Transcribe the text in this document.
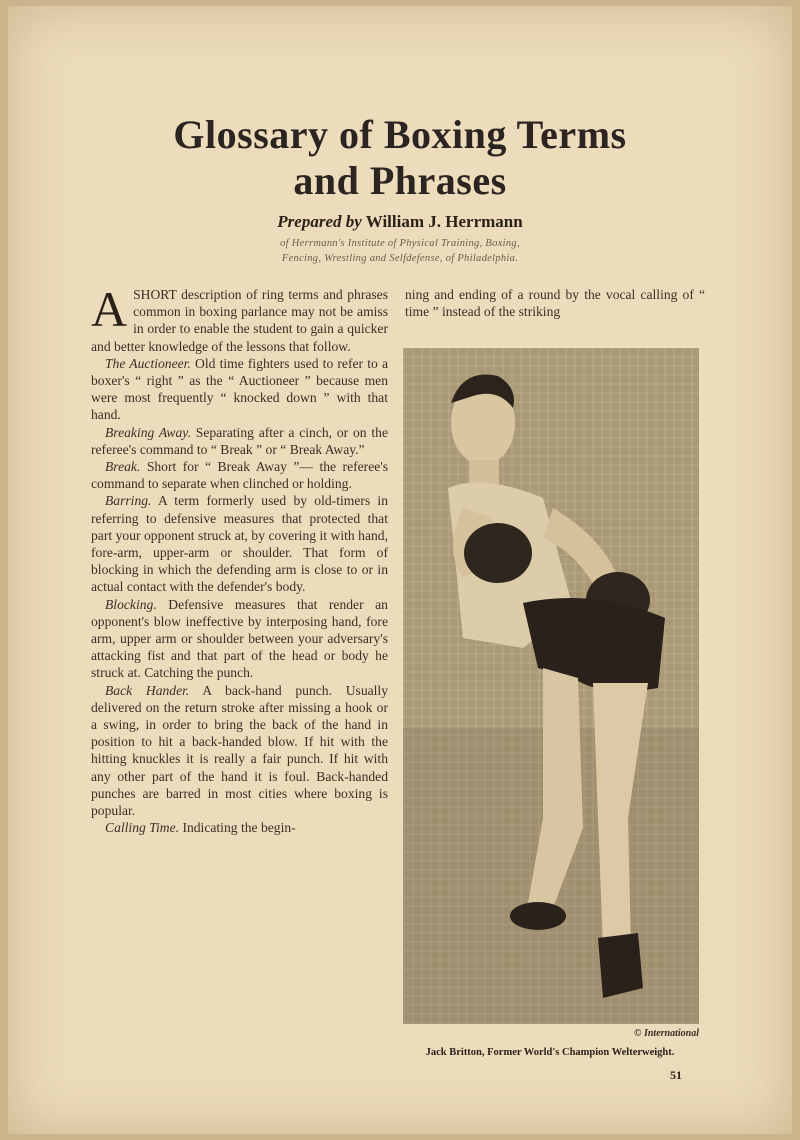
Glossary of Boxing Terms
and Phrases
Prepared by William J. Herrmann
of Herrmann's Institute of Physical Training, Boxing,
Fencing, Wrestling and Selfdefense, of Philadelphia.

ASHORT description of ring terms and phrases common in boxing parlance may not be amiss in order to enable the student to gain a quicker and better knowledge of the lessons that follow.

The Auctioneer. Old time fighters used to refer to a boxer's “ right ” as the “ Auctioneer ” because men were most frequently “ knocked down ” with that hand.

Breaking Away. Separating after a cinch, or on the referee's command to “ Break ” or “ Break Away.”

Break. Short for “ Break Away ”— the referee's command to separate when clinched or holding.

Barring. A term formerly used by old-timers in referring to defensive measures that protected that part your opponent struck at, by covering it with hand, fore-arm, upper-arm or shoulder. That form of blocking in which the defending arm is close to or in actual contact with the defender's body.

Blocking. Defensive measures that render an opponent's blow ineffective by interposing hand, fore arm, upper arm or shoulder between your adversary's attacking fist and that part of the head or body he struck at. Catching the punch.

Back Hander. A back-hand punch. Usually delivered on the return stroke after missing a hook or a swing, in order to bring the back of the hand in position to hit a back-handed blow. If hit with the hitting knuckles it is really a fair punch. If hit with any other part of the hand it is foul. Back-handed punches are barred in most cities where boxing is popular.

Calling Time. Indicating the begin-

ning and ending of a round by the vocal calling of “ time ” instead of the striking

© International
Jack Britton, Former World's Champion Welterweight.
51
